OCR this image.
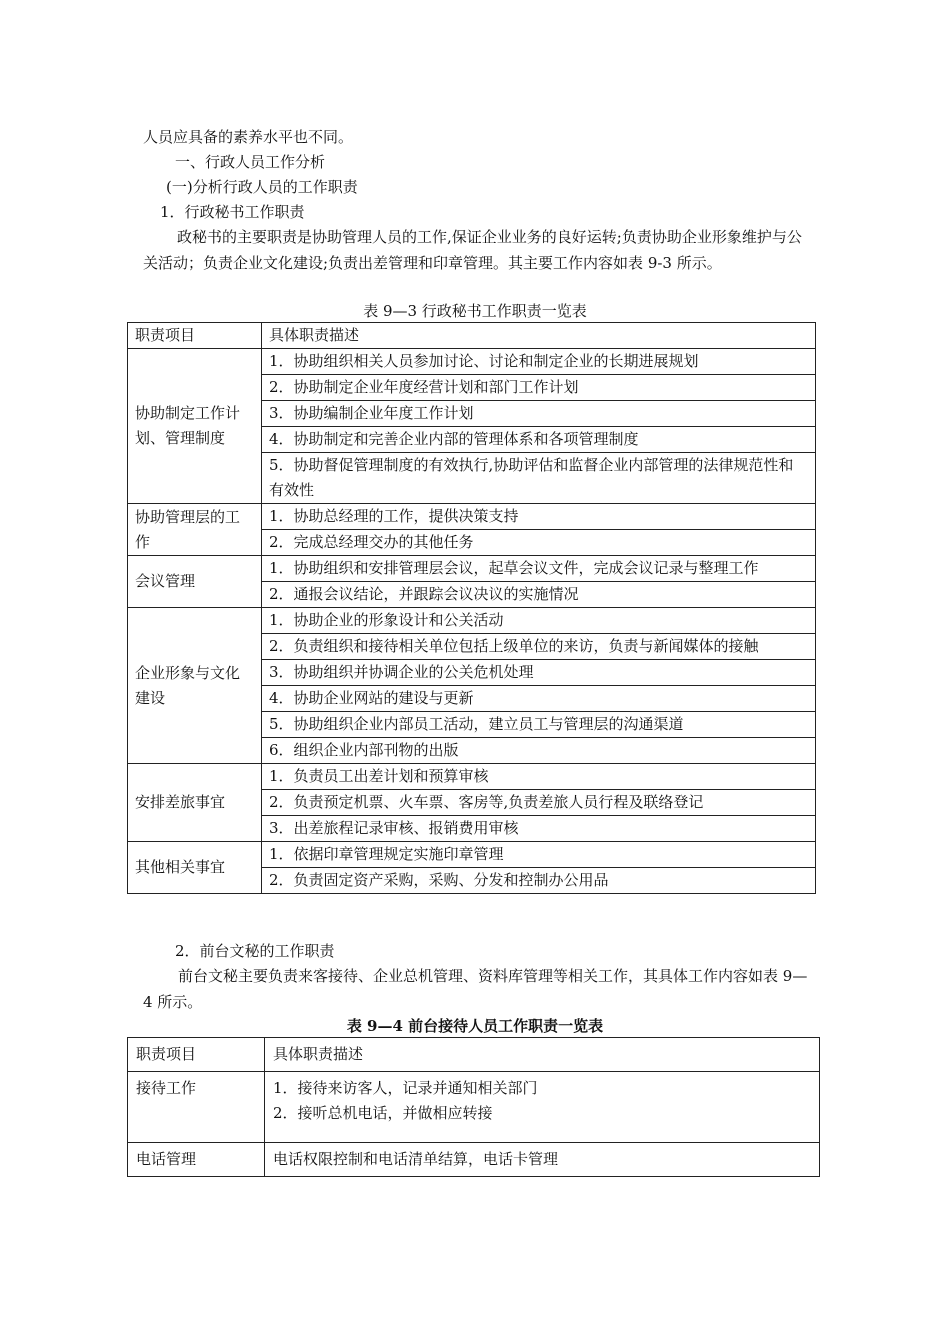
人员应具备的素养水平也不同。
一、行政人员工作分析
(一)分析行政人员的工作职责
1．行政秘书工作职责
政秘书的主要职责是协助管理人员的工作,保证企业业务的良好运转;负责协助企业形象维护与公关活动；负责企业文化建设;负责出差管理和印章管理。其主要工作内容如表 9-3 所示。
表 9—3 行政秘书工作职责一览表
职责项目	具体职责描述
协助制定工作计划、管理制度	1．协助组织相关人员参加讨论、讨论和制定企业的长期进展规划
	2．协助制定企业年度经营计划和部门工作计划
	3．协助编制企业年度工作计划
	4．协助制定和完善企业内部的管理体系和各项管理制度
	5．协助督促管理制度的有效执行,协助评估和监督企业内部管理的法律规范性和有效性
协助管理层的工作	1．协助总经理的工作，提供决策支持
	2．完成总经理交办的其他任务
会议管理	1．协助组织和安排管理层会议，起草会议文件，完成会议记录与整理工作
	2．通报会议结论，并跟踪会议决议的实施情况
企业形象与文化建设	1．协助企业的形象设计和公关活动
	2．负责组织和接待相关单位包括上级单位的来访，负责与新闻媒体的接触
	3．协助组织并协调企业的公关危机处理
	4．协助企业网站的建设与更新
	5．协助组织企业内部员工活动，建立员工与管理层的沟通渠道
	6．组织企业内部刊物的出版
安排差旅事宜	1．负责员工出差计划和预算审核
	2．负责预定机票、火车票、客房等,负责差旅人员行程及联络登记
	3．出差旅程记录审核、报销费用审核
其他相关事宜	1．依据印章管理规定实施印章管理
	2．负责固定资产采购，采购、分发和控制办公用品
2．前台文秘的工作职责
前台文秘主要负责来客接待、企业总机管理、资料库管理等相关工作，其具体工作内容如表 9—4 所示。
表 9—4 前台接待人员工作职责一览表
职责项目	具体职责描述
接待工作	1．接待来访客人，记录并通知相关部门
2．接听总机电话，并做相应转接

电话管理	电话权限控制和电话清单结算，电话卡管理
